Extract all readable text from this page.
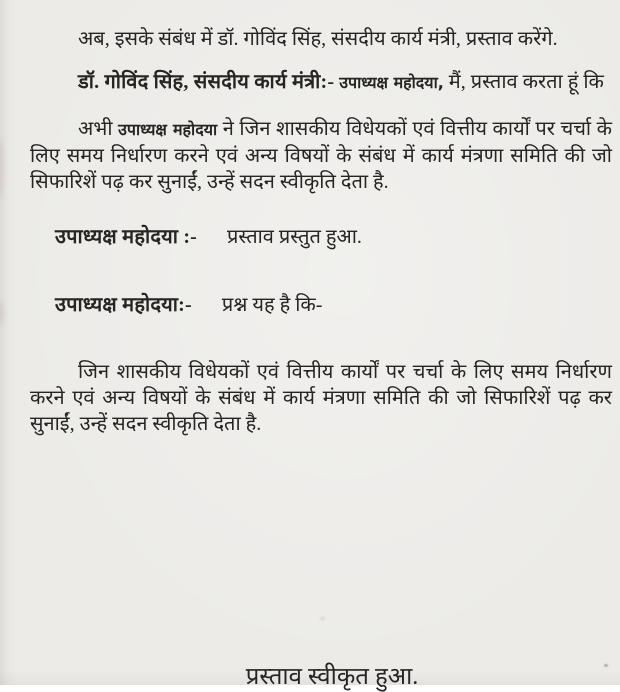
अब, इसके संबंध में डॉ. गोविंद सिंह, संसदीय कार्य मंत्री, प्रस्ताव करेंगे.

डॉ. गोविंद सिंह, संसदीय कार्य मंत्री:- उपाध्यक्ष महोदया, मैं, प्रस्ताव करता हूं कि

अभी उपाध्यक्ष महोदया ने जिन शासकीय विधेयकों एवं वित्तीय कार्यों पर चर्चा के लिए समय निर्धारण करने एवं अन्य विषयों के संबंध में कार्य मंत्रणा समिति की जो सिफारिशें पढ़ कर सुनाईं, उन्हें सदन स्वीकृति देता है.

उपाध्यक्ष महोदया :- प्रस्ताव प्रस्तुत हुआ.

उपाध्यक्ष महोदया:- प्रश्न यह है कि-

जिन शासकीय विधेयकों एवं वित्तीय कार्यों पर चर्चा के लिए समय निर्धारण करने एवं अन्य विषयों के संबंध में कार्य मंत्रणा समिति की जो सिफारिशें पढ़ कर सुनाईं, उन्हें सदन स्वीकृति देता है.

प्रस्ताव स्वीकृत हुआ.
